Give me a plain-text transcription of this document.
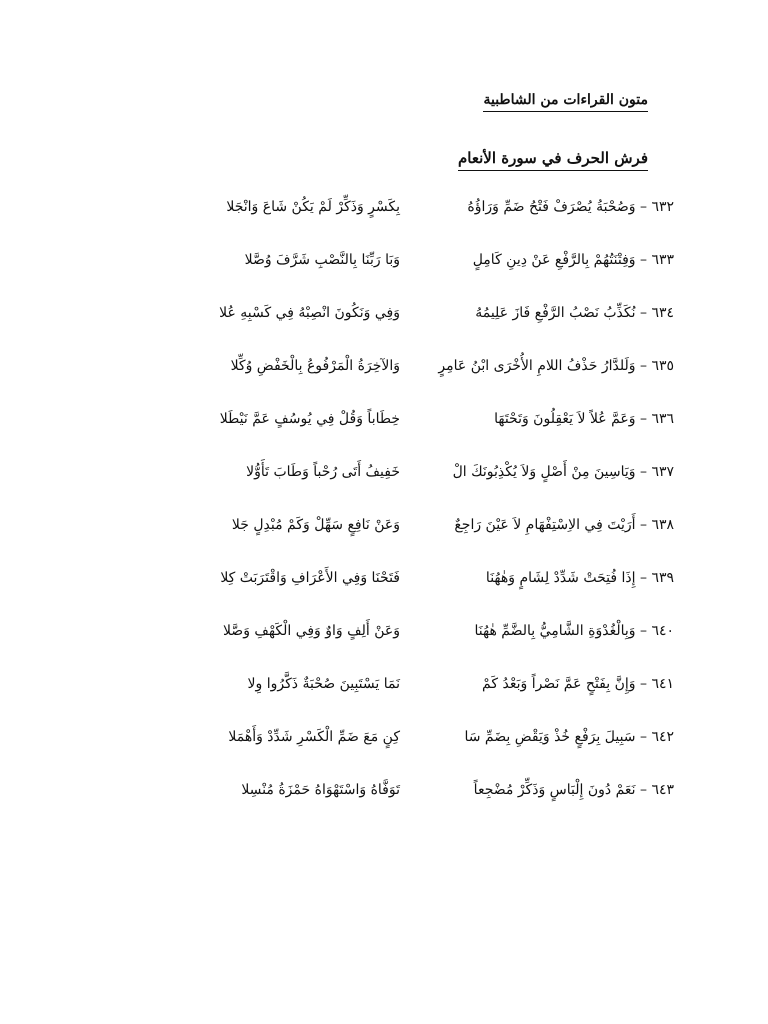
متون القراءات من الشاطبية
فرش الحرف في سورة الأنعام
٦٣٢ – وَصُحْبَةُ يُصْرَفْ فَتْحُ ضَمِّ وَرَاؤُهُ
بِكَسْرٍ وَذَكِّرْ لَمْ يَكُنْ شَاعَ وَانْجَلا
٦٣٣ – وَفِتْنَتُهُمْ بِالرَّفْعِ عَنْ دِينِ كَامِلٍ
وَبَا رَبِّنَا بِالنَّصْبِ شَرَّفَ وُصَّلا
٦٣٤ – نُكَذِّبُ نَصْبُ الرَّفْعِ فَازَ عَلِيمُهُ
وَفِي وَنَكُونَ انْصِبْهُ فِي كَسْبِهِ عُلا
٦٣٥ – وَلَلدَّارُ حَذْفُ اللامِ الأُخْرَى ابْنُ عَامِرٍ
وَالآخِرَةُ الْمَرْفُوعُ بِالْخَفْضِ وُكِّلا
٦٣٦ – وَعَمَّ عُلاً لاَ يَعْقِلُونَ وَتَحْتَهَا
خِطَاباً وَقُلْ فِي يُوسُفٍ عَمَّ نَيْطَلا
٦٣٧ – وَيَاسِينَ مِنْ أَصْلٍ وَلاَ يُكْذِبُونَكَ الْ
خَفِيفُ أَتَى رُحْباً وَطَابَ تَأَوُّلا
٦٣٨ – أَرَيْتَ فِي الاِسْتِفْهَامِ لاَ عَيْنَ رَاجِعٌ
وَعَنْ نَافِعٍ سَهِّلْ وَكَمْ مُبْدِلٍ جَلا
٦٣٩ – إِذَا فُتِحَتْ شَدِّدْ لِشَامٍ وَهٰهُنَا
فَتَحْنَا وَفِي الأَعْرَافِ وَاقْتَرَبَتْ كِلا
٦٤٠ – وَبِالْغُدْوَةِ الشَّامِيُّ بِالضَّمِّ هٰهُنَا
وَعَنْ أَلِفٍ وَاوٌ وَفِي الْكَهْفِ وَصَّلا
٦٤١ – وَإِنَّ بِفَتْحٍ عَمَّ نَصْراً وَبَعْدُ كَمْ
نَمَا يَسْتَبِينَ صُحْبَةٌ ذَكَّرُوا وِلا
٦٤٢ – سَبِيلَ بِرَفْعٍ خُذْ وَيَقْضِ بِضَمِّ سَا
كِنٍ مَعَ ضَمِّ الْكَسْرِ شَدِّدْ وَأَهْمَلا
٦٤٣ – نَعَمْ دُونَ إِلْبَاسٍ وَذَكِّرْ مُضْجِعاً
تَوَفَّاهُ وَاسْتَهْوَاهُ حَمْزَةُ مُنْسِلا
